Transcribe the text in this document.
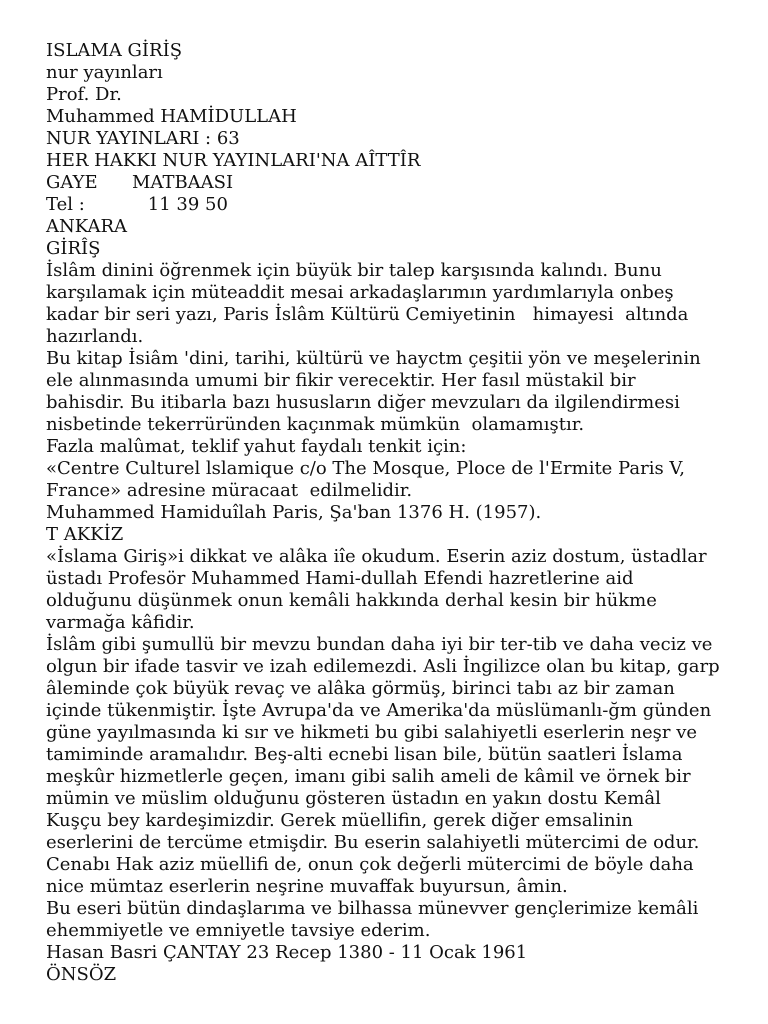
ISLAMA GİRİŞ

nur yayınları

Prof. Dr.

Muhammed HAMİDULLAH

NUR YAYINLARI : 63

HER HAKKI NUR YAYINLARI'NA AÎTTÎR

GAYE      MATBAASI

Tel :           11 39 50

ANKARA

GİRÎŞ

İslâm dinini öğrenmek için büyük bir talep karşısında kalındı. Bunu

karşılamak için müteaddit mesai arkadaşlarımın yardımlarıyla onbeş

kadar bir seri yazı, Paris İslâm Kültürü Cemiyetinin   himayesi  altında

hazırlandı.

Bu kitap İsiâm 'dini, tarihi, kültürü ve hayctm çeşitii yön ve meşelerinin

ele alınmasında umumi bir fikir verecektir. Her fasıl müstakil bir

bahisdir. Bu itibarla bazı hususların diğer mevzuları da ilgilendirmesi

nisbetinde tekerrüründen kaçınmak mümkün  olamamıştır.

Fazla malûmat, teklif yahut faydalı tenkit için:

«Centre Culturel lslamique c/o The Mosque, Ploce de l'Ermite Paris V,

France» adresine müracaat  edilmelidir.

Muhammed Hamiduîlah Paris, Şa'ban 1376 H. (1957).

T AKKİZ

«İslama Giriş»i dikkat ve alâka iîe okudum. Eserin aziz dostum, üstadlar

üstadı Profesör Muhammed Hami-dullah Efendi hazretlerine aid

olduğunu düşünmek onun kemâli hakkında derhal kesin bir hükme

varmağa kâfidir.

İslâm gibi şumullü bir mevzu bundan daha iyi bir ter-tib ve daha veciz ve

olgun bir ifade tasvir ve izah edilemezdi. Asli İngilizce olan bu kitap, garp

âleminde çok büyük revaç ve alâka görmüş, birinci tabı az bir zaman

içinde tükenmiştir. İşte Avrupa'da ve Amerika'da müslümanlı-ğm günden

güne yayılmasında ki sır ve hikmeti bu gibi salahiyetli eserlerin neşr ve

tamiminde aramalıdır. Beş-alti ecnebi lisan bile, bütün saatleri İslama

meşkûr hizmetlerle geçen, imanı gibi salih ameli de kâmil ve örnek bir

mümin ve müslim olduğunu gösteren üstadın en yakın dostu Kemâl

Kuşçu bey kardeşimizdir. Gerek müellifin, gerek diğer emsalinin

eserlerini de tercüme etmişdir. Bu eserin salahiyetli mütercimi de odur.

Cenabı Hak aziz müellifi de, onun çok değerli mütercimi de böyle daha

nice mümtaz eserlerin neşrine muvaffak buyursun, âmin.

Bu eseri bütün dindaşlarıma ve bilhassa münevver gençlerimize kemâli

ehemmiyetle ve emniyetle tavsiye ederim.

Hasan Basri ÇANTAY 23 Recep 1380 - 11 Ocak 1961

ÖNSÖZ
